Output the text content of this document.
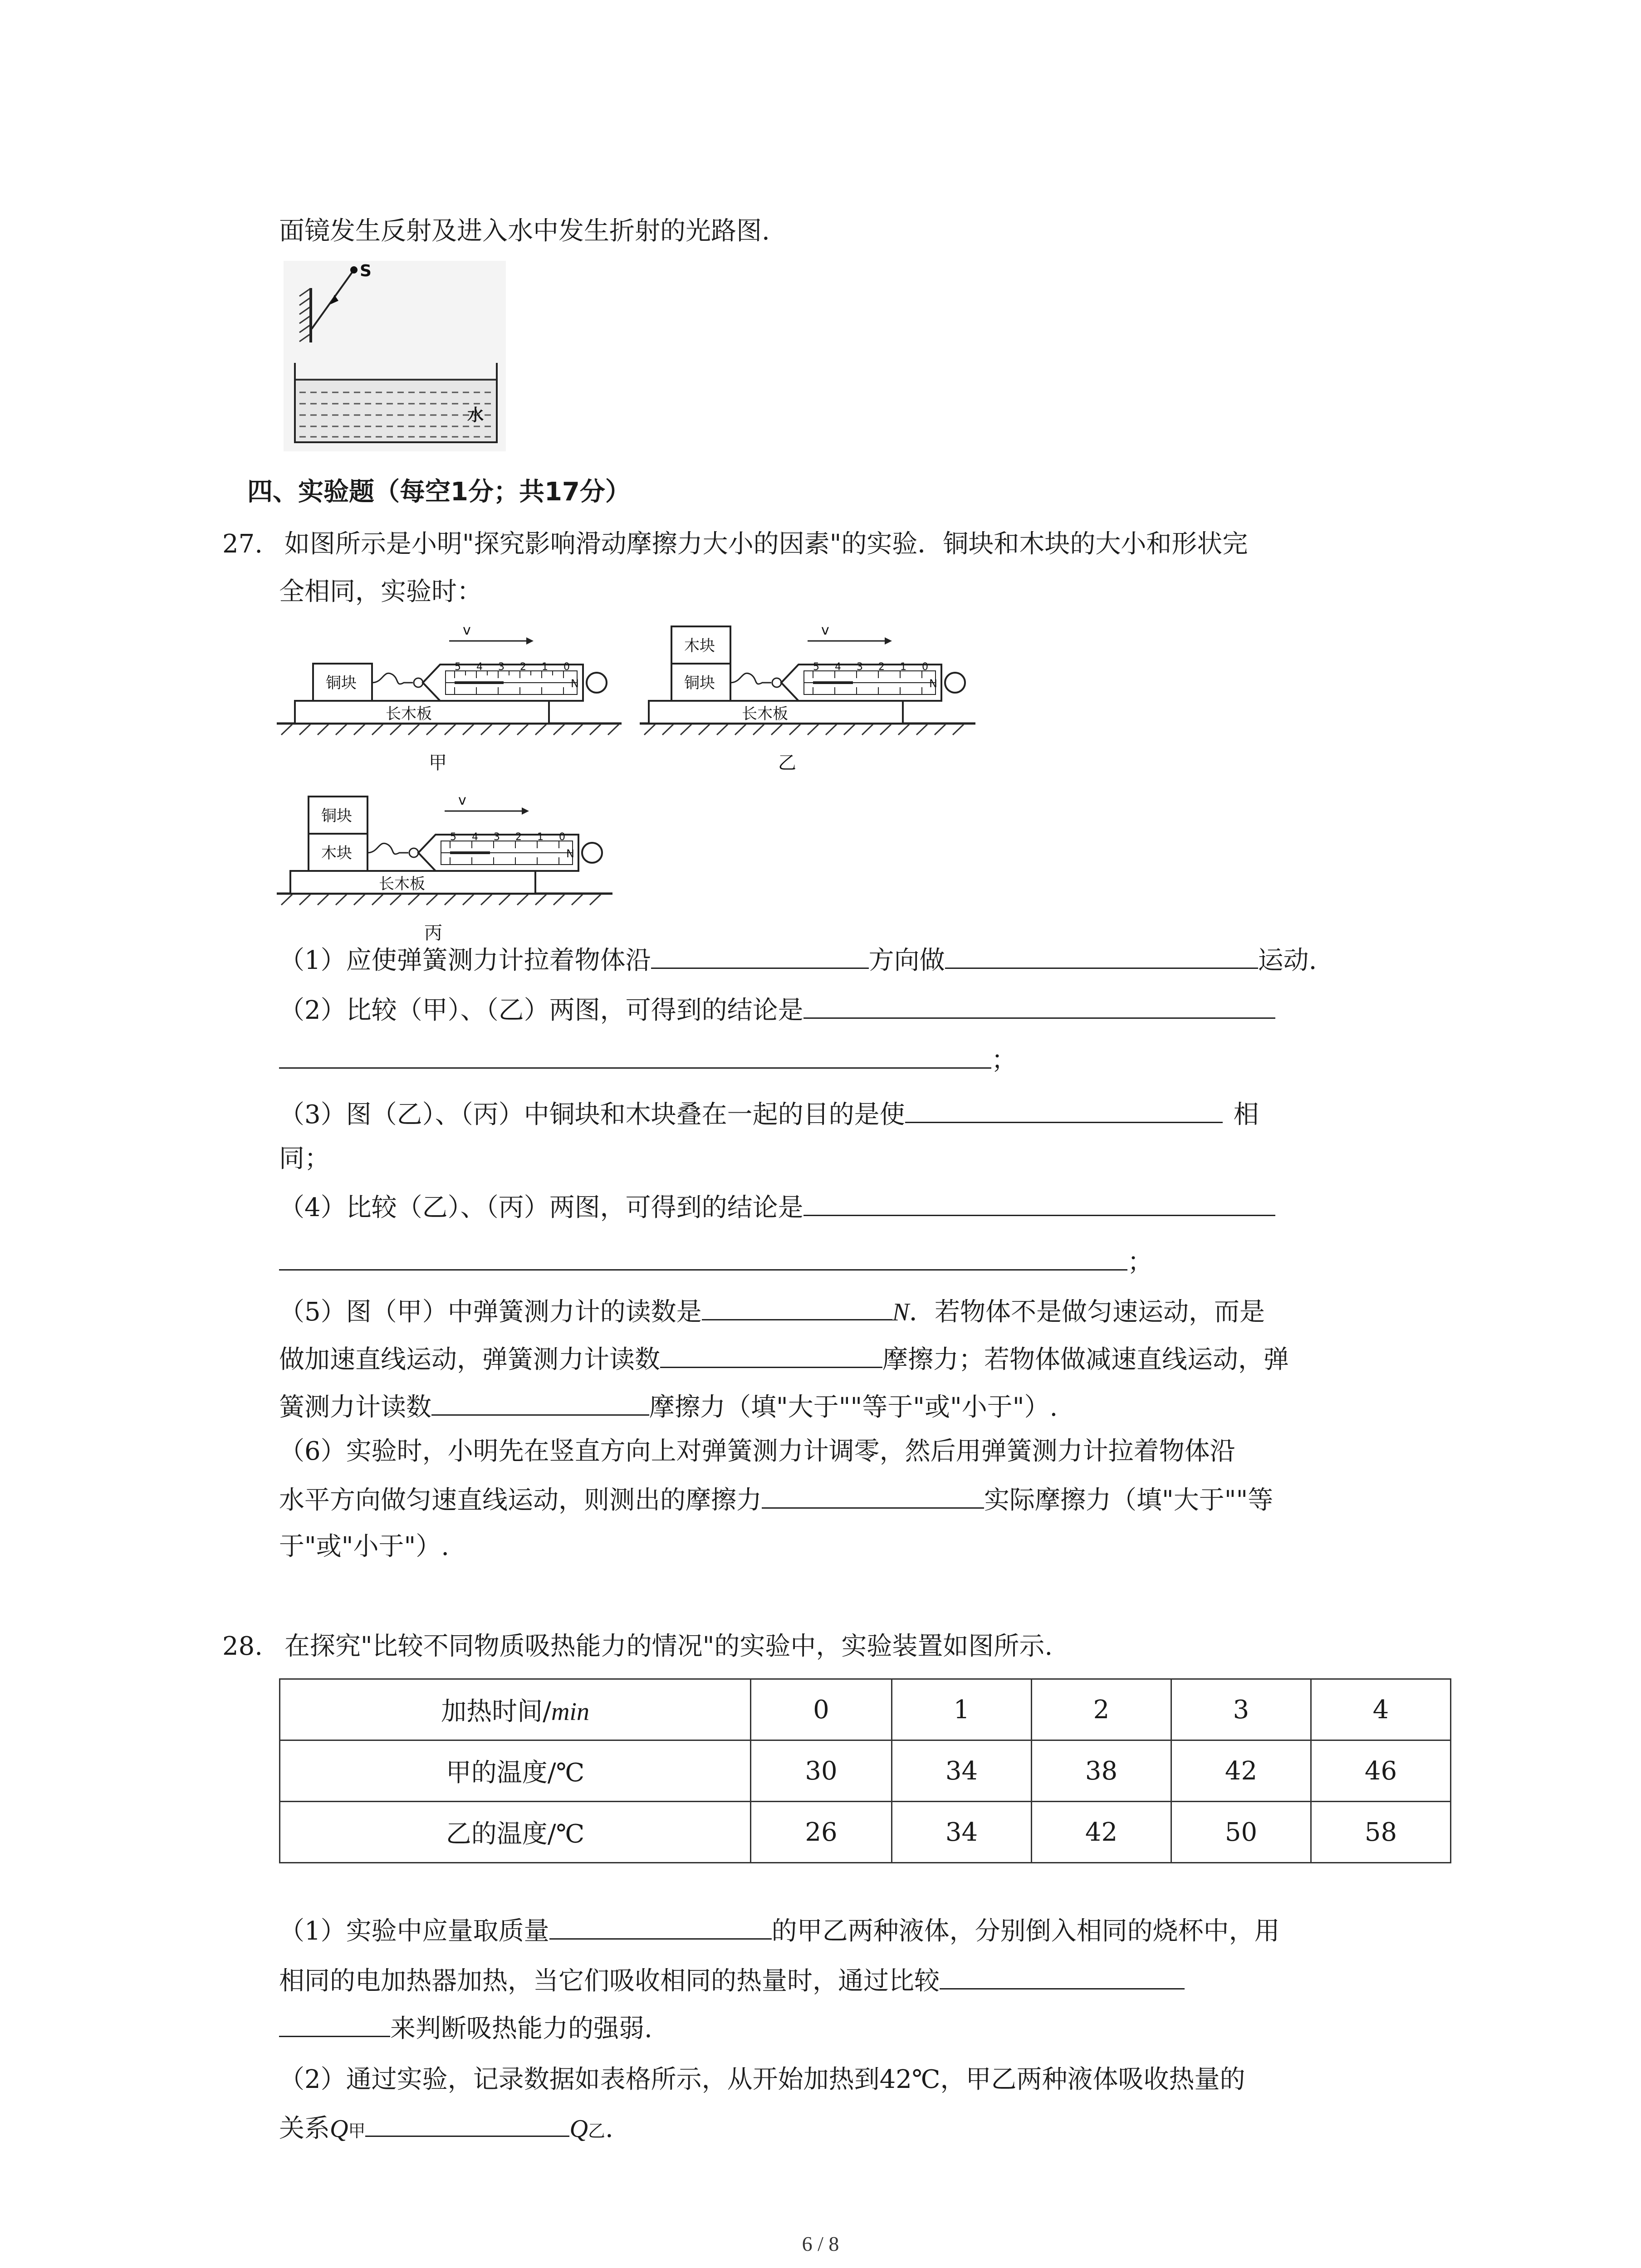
面镜发生反射及进入水中发生折射的光路图.
S
水
四、实验题（每空1分；共17分）
27. 如图所示是小明"探究影响滑动摩擦力大小的因素"的实验．铜块和木块的大小和形状完
全相同，实验时：
长木板
铜块
0
1
2
3
4
5
N
v
甲
长木板
铜块
木块
0
1
2
3
4
5
N
v
乙
长木板
木块
铜块
0
1
2
3
4
5
N
v
丙
（1）应使弹簧测力计拉着物体沿	方向做	运动.
（2）比较（甲）、（乙）两图，可得到的结论是
；
（3）图（乙）、（丙）中铜块和木块叠在一起的目的是使	相
同；
（4）比较（乙）、（丙）两图，可得到的结论是
；
（5）图（甲）中弹簧测力计的读数是	N．若物体不是做匀速运动，而是
做加速直线运动，弹簧测力计读数	摩擦力；若物体做减速直线运动，弹
簧测力计读数	摩擦力（填"大于""等于"或"小于"）.
（6）实验时，小明先在竖直方向上对弹簧测力计调零，然后用弹簧测力计拉着物体沿
水平方向做匀速直线运动，则测出的摩擦力	实际摩擦力（填"大于""等
于"或"小于"）.
28. 在探究"比较不同物质吸热能力的情况"的实验中，实验装置如图所示.
加热时间/min	0	1	2	3	4
甲的温度/℃	30	34	38	42	46
乙的温度/℃	26	34	42	50	58
（1）实验中应量取质量	的甲乙两种液体，分别倒入相同的烧杯中，用
相同的电加热器加热，当它们吸收相同的热量时，通过比较
来判断吸热能力的强弱.
（2）通过实验，记录数据如表格所示，从开始加热到42℃，甲乙两种液体吸收热量的
关系Q甲	Q乙.
6 / 8
